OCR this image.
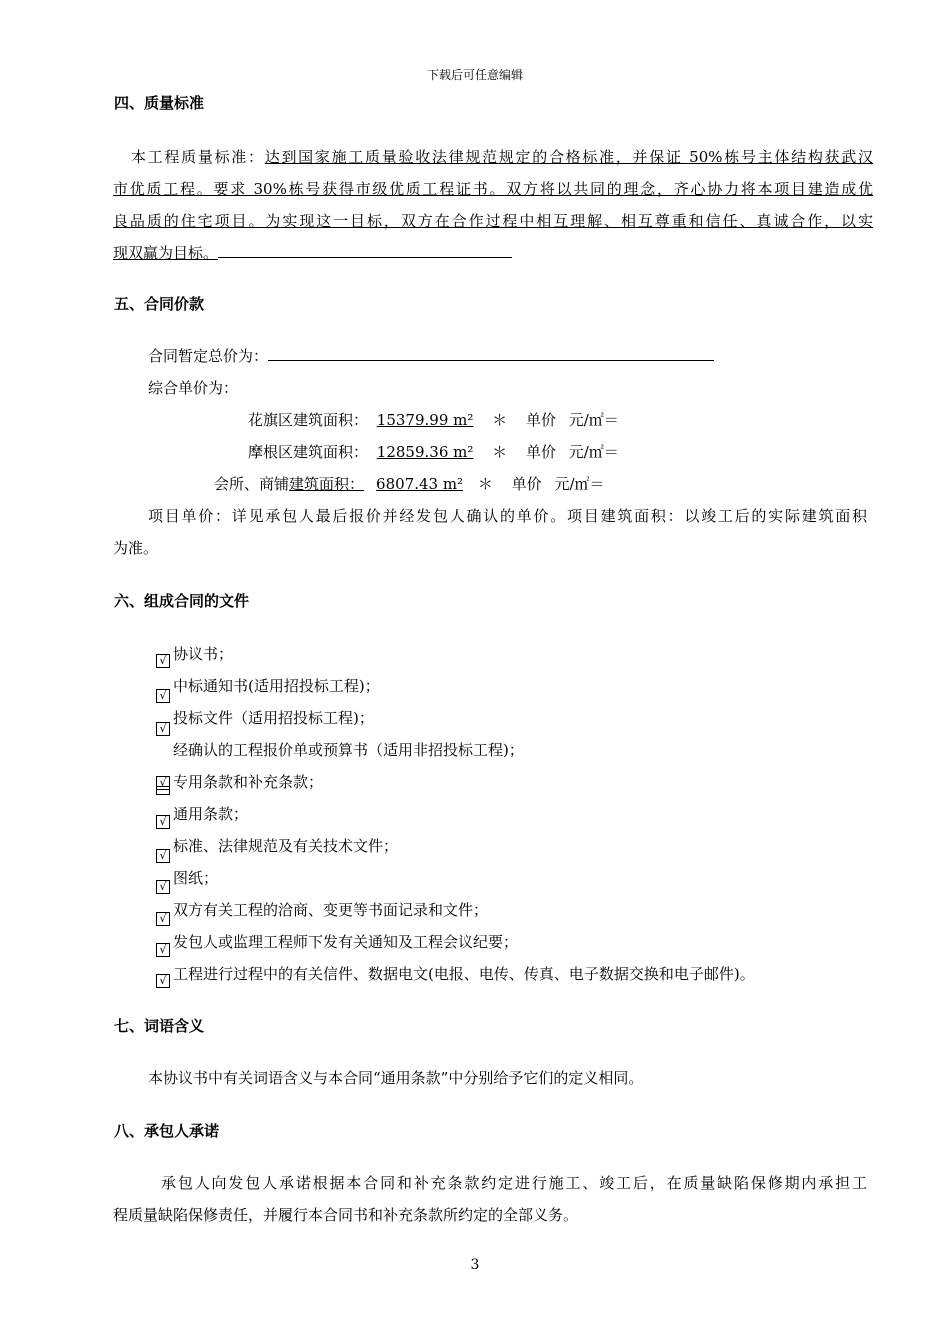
下载后可任意编辑
四、质量标准
本工程质量标准：达到国家施工质量验收法律规范规定的合格标准，并保证 50%栋号主体结构获武汉
市优质工程。要求 30%栋号获得市级优质工程证书。双方将以共同的理念，齐心协力将本项目建造成优
良品质的住宅项目。为实现这一目标，双方在合作过程中相互理解、相互尊重和信任、真诚合作，以实
现双赢为目标。
五、合同价款
合同暂定总价为：
综合单价为：
花旗区建筑面积： 15379.99 m² ＊ 单价 元/㎡＝
摩根区建筑面积： 12859.36 m² ＊ 单价 元/㎡＝
会所、商铺建筑面积： 6807.43 m² ＊ 单价 元/㎡＝
项目单价：详见承包人最后报价并经发包人确认的单价。项目建筑面积：以竣工后的实际建筑面积
为准。
六、组成合同的文件
√ 协议书；
√
中标通知书(适用招投标工程)；
√
投标文件（适用招投标工程)；
经确认的工程报价单或预算书（适用非招投标工程)；
√ 专用条款和补充条款；
√ 通用条款；
√
标准、法律规范及有关技术文件；
√ 图纸；
√ 双方有关工程的洽商、变更等书面记录和文件；
√ 发包人或监理工程师下发有关通知及工程会议纪要；
√ 工程进行过程中的有关信件、数据电文(电报、电传、传真、电子数据交换和电子邮件)。
七、词语含义
本协议书中有关词语含义与本合同“通用条款”中分别给予它们的定义相同。
八、承包人承诺
承包人向发包人承诺根据本合同和补充条款约定进行施工、竣工后，在质量缺陷保修期内承担工
程质量缺陷保修责任，并履行本合同书和补充条款所约定的全部义务。
3
